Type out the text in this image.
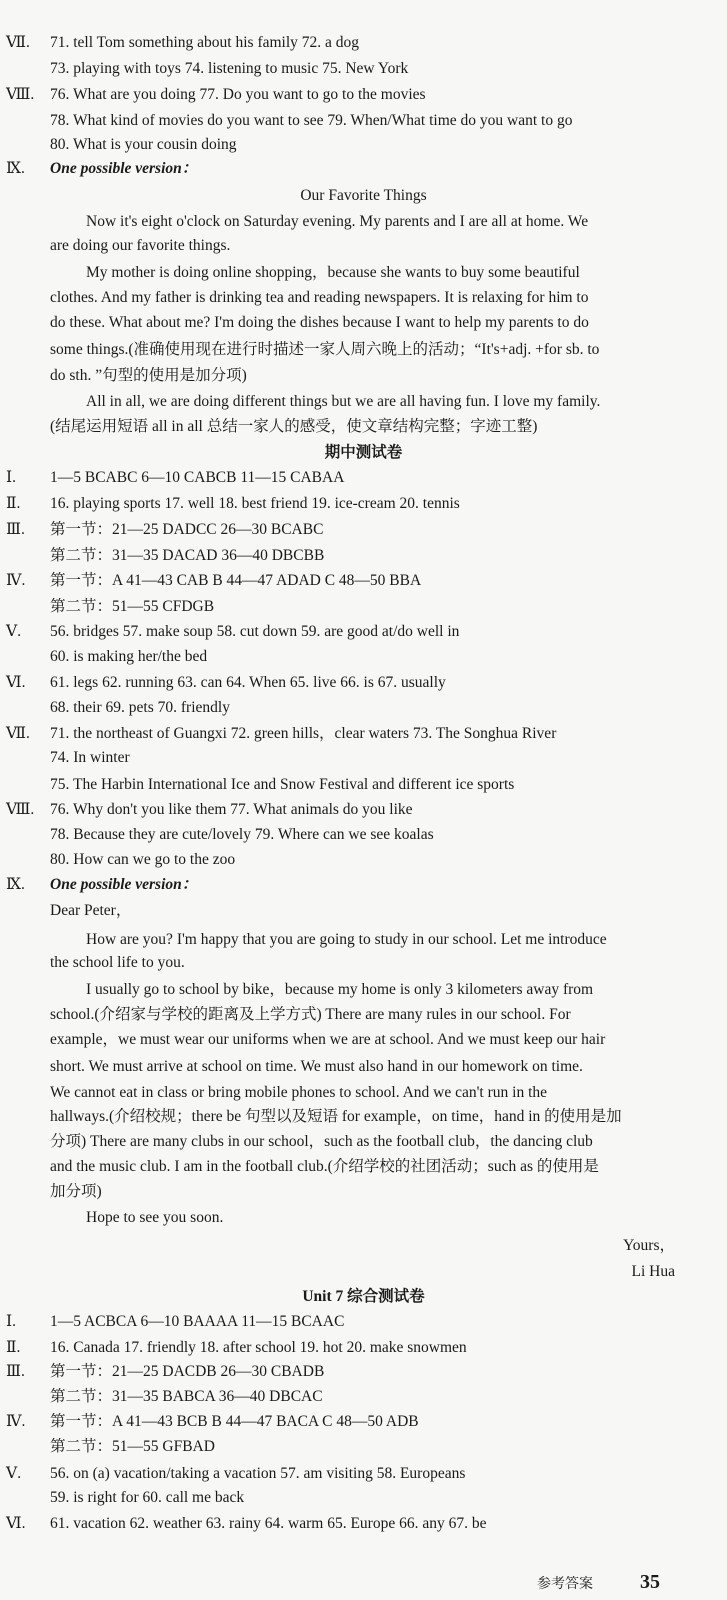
Ⅶ.	71. tell Tom something about his family 72. a dog
73. playing with toys 74. listening to music 75. New York
Ⅷ.	76. What are you doing 77. Do you want to go to the movies
78. What kind of movies do you want to see 79. When/What time do you want to go
80. What is your cousin doing
Ⅸ.	One possible version：
Our Favorite Things
Now it's eight o'clock on Saturday evening. My parents and I are all at home. We
are doing our favorite things.
My mother is doing online shopping，because she wants to buy some beautiful
clothes. And my father is drinking tea and reading newspapers. It is relaxing for him to
do these. What about me? I'm doing the dishes because I want to help my parents to do
some things.(准确使用现在进行时描述一家人周六晚上的活动；“It's+adj. +for sb. to
do sth. ”句型的使用是加分项)
All in all, we are doing different things but we are all having fun. I love my family.
(结尾运用短语 all in all 总结一家人的感受，使文章结构完整；字迹工整)
期中测试卷
Ⅰ.	1—5 BCABC 6—10 CABCB 11—15 CABAA
Ⅱ.	16. playing sports 17. well 18. best friend 19. ice-cream 20. tennis
Ⅲ.	第一节：21—25 DADCC 26—30 BCABC
第二节：31—35 DACAD 36—40 DBCBB
Ⅳ.	第一节：A 41—43 CAB B 44—47 ADAD C 48—50 BBA
第二节：51—55 CFDGB
Ⅴ.	56. bridges 57. make soup 58. cut down 59. are good at/do well in
60. is making her/the bed
Ⅵ.	61. legs 62. running 63. can 64. When 65. live 66. is 67. usually
68. their 69. pets 70. friendly
Ⅶ.	71. the northeast of Guangxi 72. green hills，clear waters 73. The Songhua River
74. In winter
75. The Harbin International Ice and Snow Festival and different ice sports
Ⅷ.	76. Why don't you like them 77. What animals do you like
78. Because they are cute/lovely 79. Where can we see koalas
80. How can we go to the zoo
Ⅸ.	One possible version：
Dear Peter，
How are you? I'm happy that you are going to study in our school. Let me introduce
the school life to you.
I usually go to school by bike，because my home is only 3 kilometers away from
school.(介绍家与学校的距离及上学方式) There are many rules in our school. For
example，we must wear our uniforms when we are at school. And we must keep our hair
short. We must arrive at school on time. We must also hand in our homework on time.
We cannot eat in class or bring mobile phones to school. And we can't run in the
hallways.(介绍校规；there be 句型以及短语 for example，on time，hand in 的使用是加
分项) There are many clubs in our school，such as the football club，the dancing club
and the music club. I am in the football club.(介绍学校的社团活动；such as 的使用是
加分项)
Hope to see you soon.
Yours，
Li Hua
Unit 7 综合测试卷
Ⅰ.	1—5 ACBCA 6—10 BAAAA 11—15 BCAAC
Ⅱ.	16. Canada 17. friendly 18. after school 19. hot 20. make snowmen
Ⅲ.	第一节：21—25 DACDB 26—30 CBADB
第二节：31—35 BABCA 36—40 DBCAC
Ⅳ.	第一节：A 41—43 BCB B 44—47 BACA C 48—50 ADB
第二节：51—55 GFBAD
Ⅴ.	56. on (a) vacation/taking a vacation 57. am visiting 58. Europeans
59. is right for 60. call me back
Ⅵ.	61. vacation 62. weather 63. rainy 64. warm 65. Europe 66. any 67. be
参考答案 35
